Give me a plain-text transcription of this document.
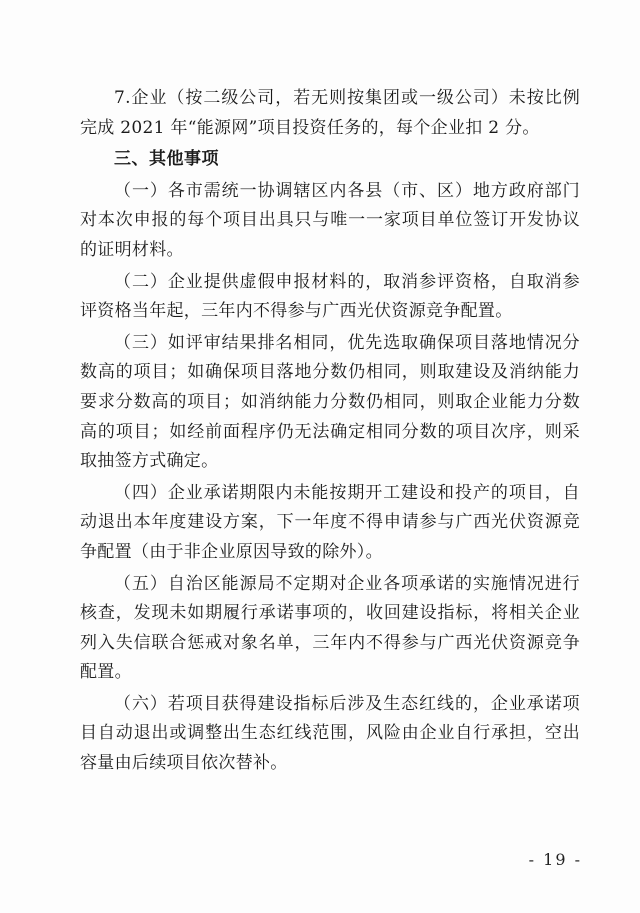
7.企业（按二级公司，若无则按集团或一级公司）未按比例完成 2021 年“能源网”项目投资任务的，每个企业扣 2 分。

三、其他事项

（一）各市需统一协调辖区内各县（市、区）地方政府部门对本次申报的每个项目出具只与唯一一家项目单位签订开发协议的证明材料。

（二）企业提供虚假申报材料的，取消参评资格，自取消参评资格当年起，三年内不得参与广西光伏资源竞争配置。

（三）如评审结果排名相同，优先选取确保项目落地情况分数高的项目；如确保项目落地分数仍相同，则取建设及消纳能力要求分数高的项目；如消纳能力分数仍相同，则取企业能力分数高的项目；如经前面程序仍无法确定相同分数的项目次序，则采取抽签方式确定。

（四）企业承诺期限内未能按期开工建设和投产的项目，自动退出本年度建设方案，下一年度不得申请参与广西光伏资源竞争配置（由于非企业原因导致的除外）。

（五）自治区能源局不定期对企业各项承诺的实施情况进行核查，发现未如期履行承诺事项的，收回建设指标，将相关企业列入失信联合惩戒对象名单，三年内不得参与广西光伏资源竞争配置。

（六）若项目获得建设指标后涉及生态红线的，企业承诺项目自动退出或调整出生态红线范围，风险由企业自行承担，空出容量由后续项目依次替补。

- 19 -
